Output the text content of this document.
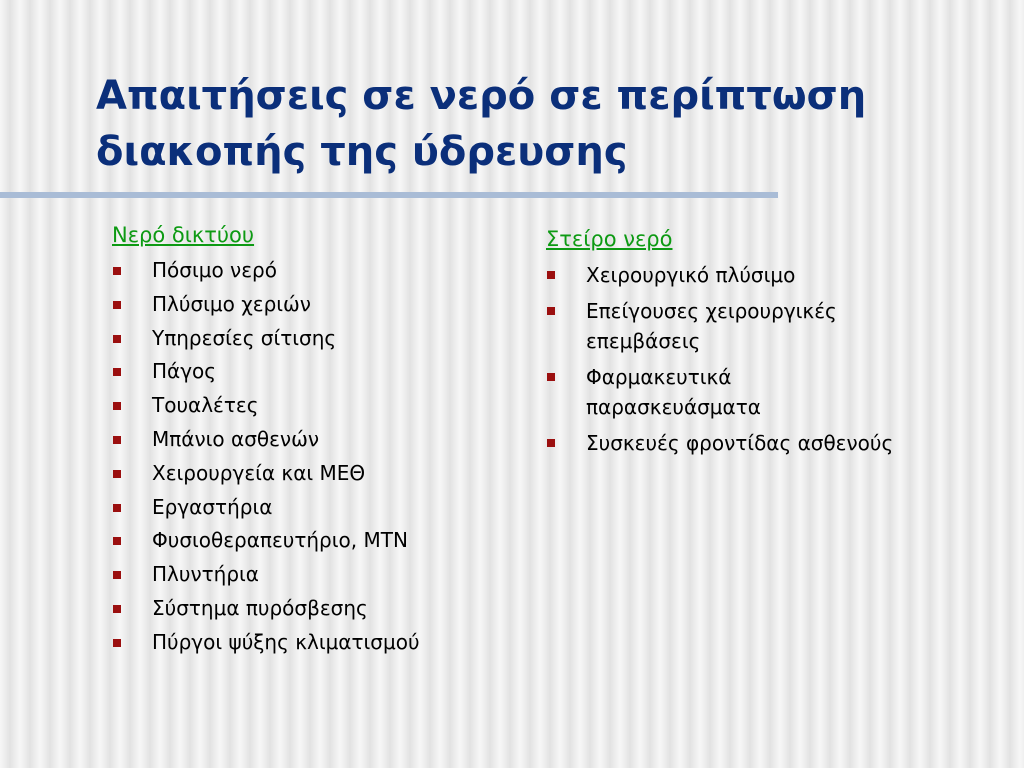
Απαιτήσεις σε νερό σε περίπτωση
διακοπής της ύδρευσης
Νερό δικτύου
Πόσιμο νερό
Πλύσιμο χεριών
Υπηρεσίες σίτισης
Πάγος
Τουαλέτες
Μπάνιο ασθενών
Χειρουργεία και ΜΕΘ
Εργαστήρια
Φυσιοθεραπευτήριο, ΜΤΝ
Πλυντήρια
Σύστημα πυρόσβεσης
Πύργοι ψύξης κλιματισμού
Στείρο νερό
Χειρουργικό πλύσιμο
Επείγουσες χειρουργικές
επεμβάσεις
Φαρμακευτικά
παρασκευάσματα
Συσκευές φροντίδας ασθενούς
